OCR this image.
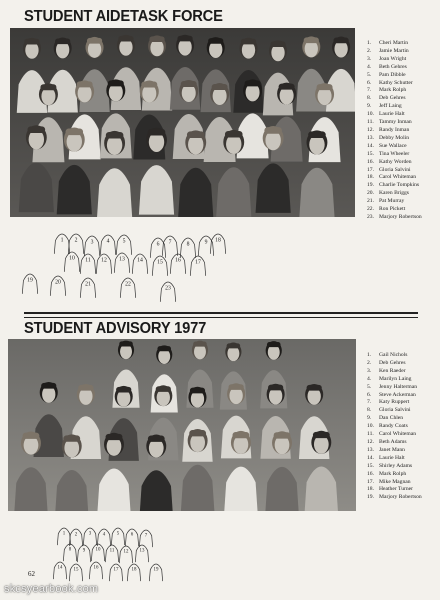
STUDENT AIDETASK FORCE
1. Cheri Martin
2. Jamie Martin
3. Joan Wright
4. Beth Gehres
5. Pam Dibble
6. Kathy Schutter
7. Mark Rolph
8. Deb Gehres
9. Jeff Laing
10. Laurie Halt
11. Tammy Inman
12. Randy Inman
13. Debby Molin
14. Sue Wallace
15. Tina Wheeler
16. Kathy Worden
17. Gloria Salvini
18. Carol Whiteman
19. Charlie Tompkins
20. Karen Briggs
21. Pat Murray
22. Ron Pickett
23. Marjory Robertson
1 2 3 4 5	6 7	8	9
10 11 12 13 14 15 16 17
18
19	20	21	22
23
STUDENT ADVISORY 1977
1. Gail Nichols
2. Deb Gehres
3. Ken Raeder
4. Marilyn Laing
5. Jenny Halterman
6. Steve Ackerman
7. Katy Ruppert
8. Gloria Salvini
9. Dan Chlen
10. Randy Coats
11. Carol Whiteman
12. Beth Adams
13. Janet Mann
14. Laurie Halt
15. Shirley Adams
16. Mark Rolph
17. Mike Magnan
18. Heather Turner
19. Marjory Robertson
1 2 3 4 5 6 7
8 9 10 11 12 13
14 15	16	17	18	19
62
skcsyearbook.com
